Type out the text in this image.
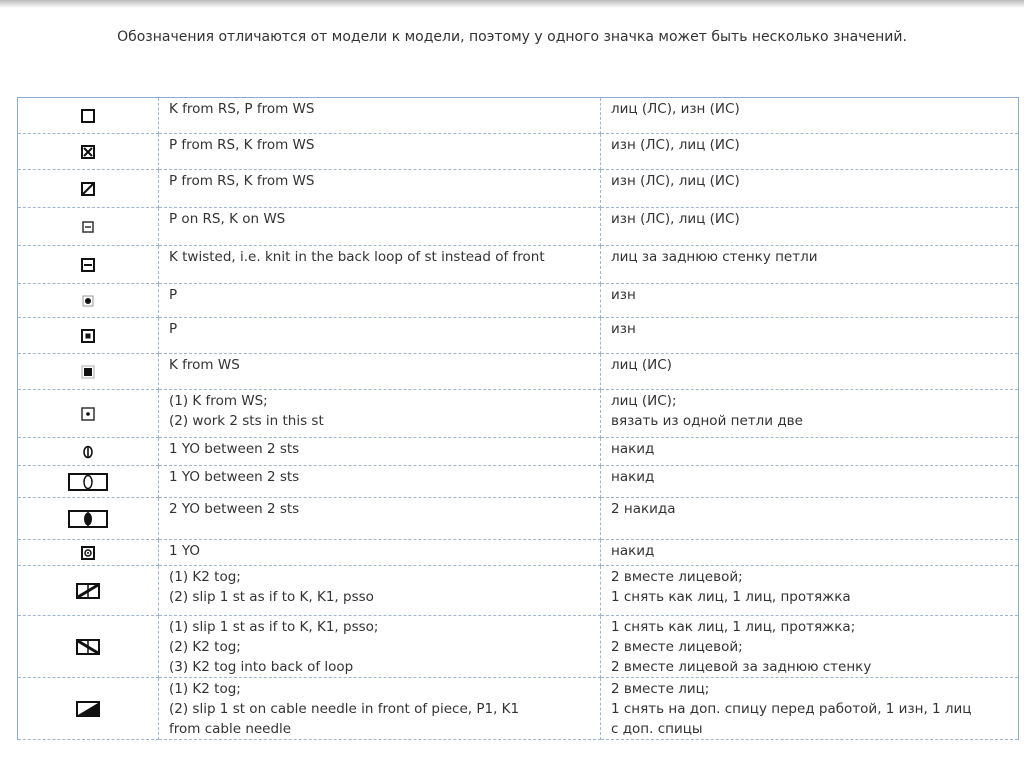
Обозначения отличаются от модели к модели, поэтому у одного значка может быть несколько значений.

K from RS, P from WS	лиц (ЛС), изн (ИС)

P from RS, K from WS	изн (ЛС), лиц (ИС)

P from RS, K from WS	изн (ЛС), лиц (ИС)

P on RS, K on WS	изн (ЛС), лиц (ИС)

K twisted, i.e. knit in the back loop of st instead of front	лиц за заднюю стенку петли

P	изн

P	изн

K from WS	лиц (ИС)

(1) K from WS;
(2) work 2 sts in this st	лиц (ИС);
вязать из одной петли две

1 YO between 2 sts	накид

1 YO between 2 sts	накид

2 YO between 2 sts	2 накида

1 YO	накид

(1) K2 tog;
(2) slip 1 st as if to K, K1, psso	2 вместе лицевой;
1 снять как лиц, 1 лиц, протяжка

(1) slip 1 st as if to K, K1, psso;
(2) K2 tog;
(3) K2 tog into back of loop	1 снять как лиц, 1 лиц, протяжка;
2 вместе лицевой;
2 вместе лицевой за заднюю стенку

(1) K2 tog;
(2) slip 1 st on cable needle in front of piece, P1, K1
from cable needle	2 вместе лиц;
1 снять на доп. спицу перед работой, 1 изн, 1 лиц
с доп. спицы
